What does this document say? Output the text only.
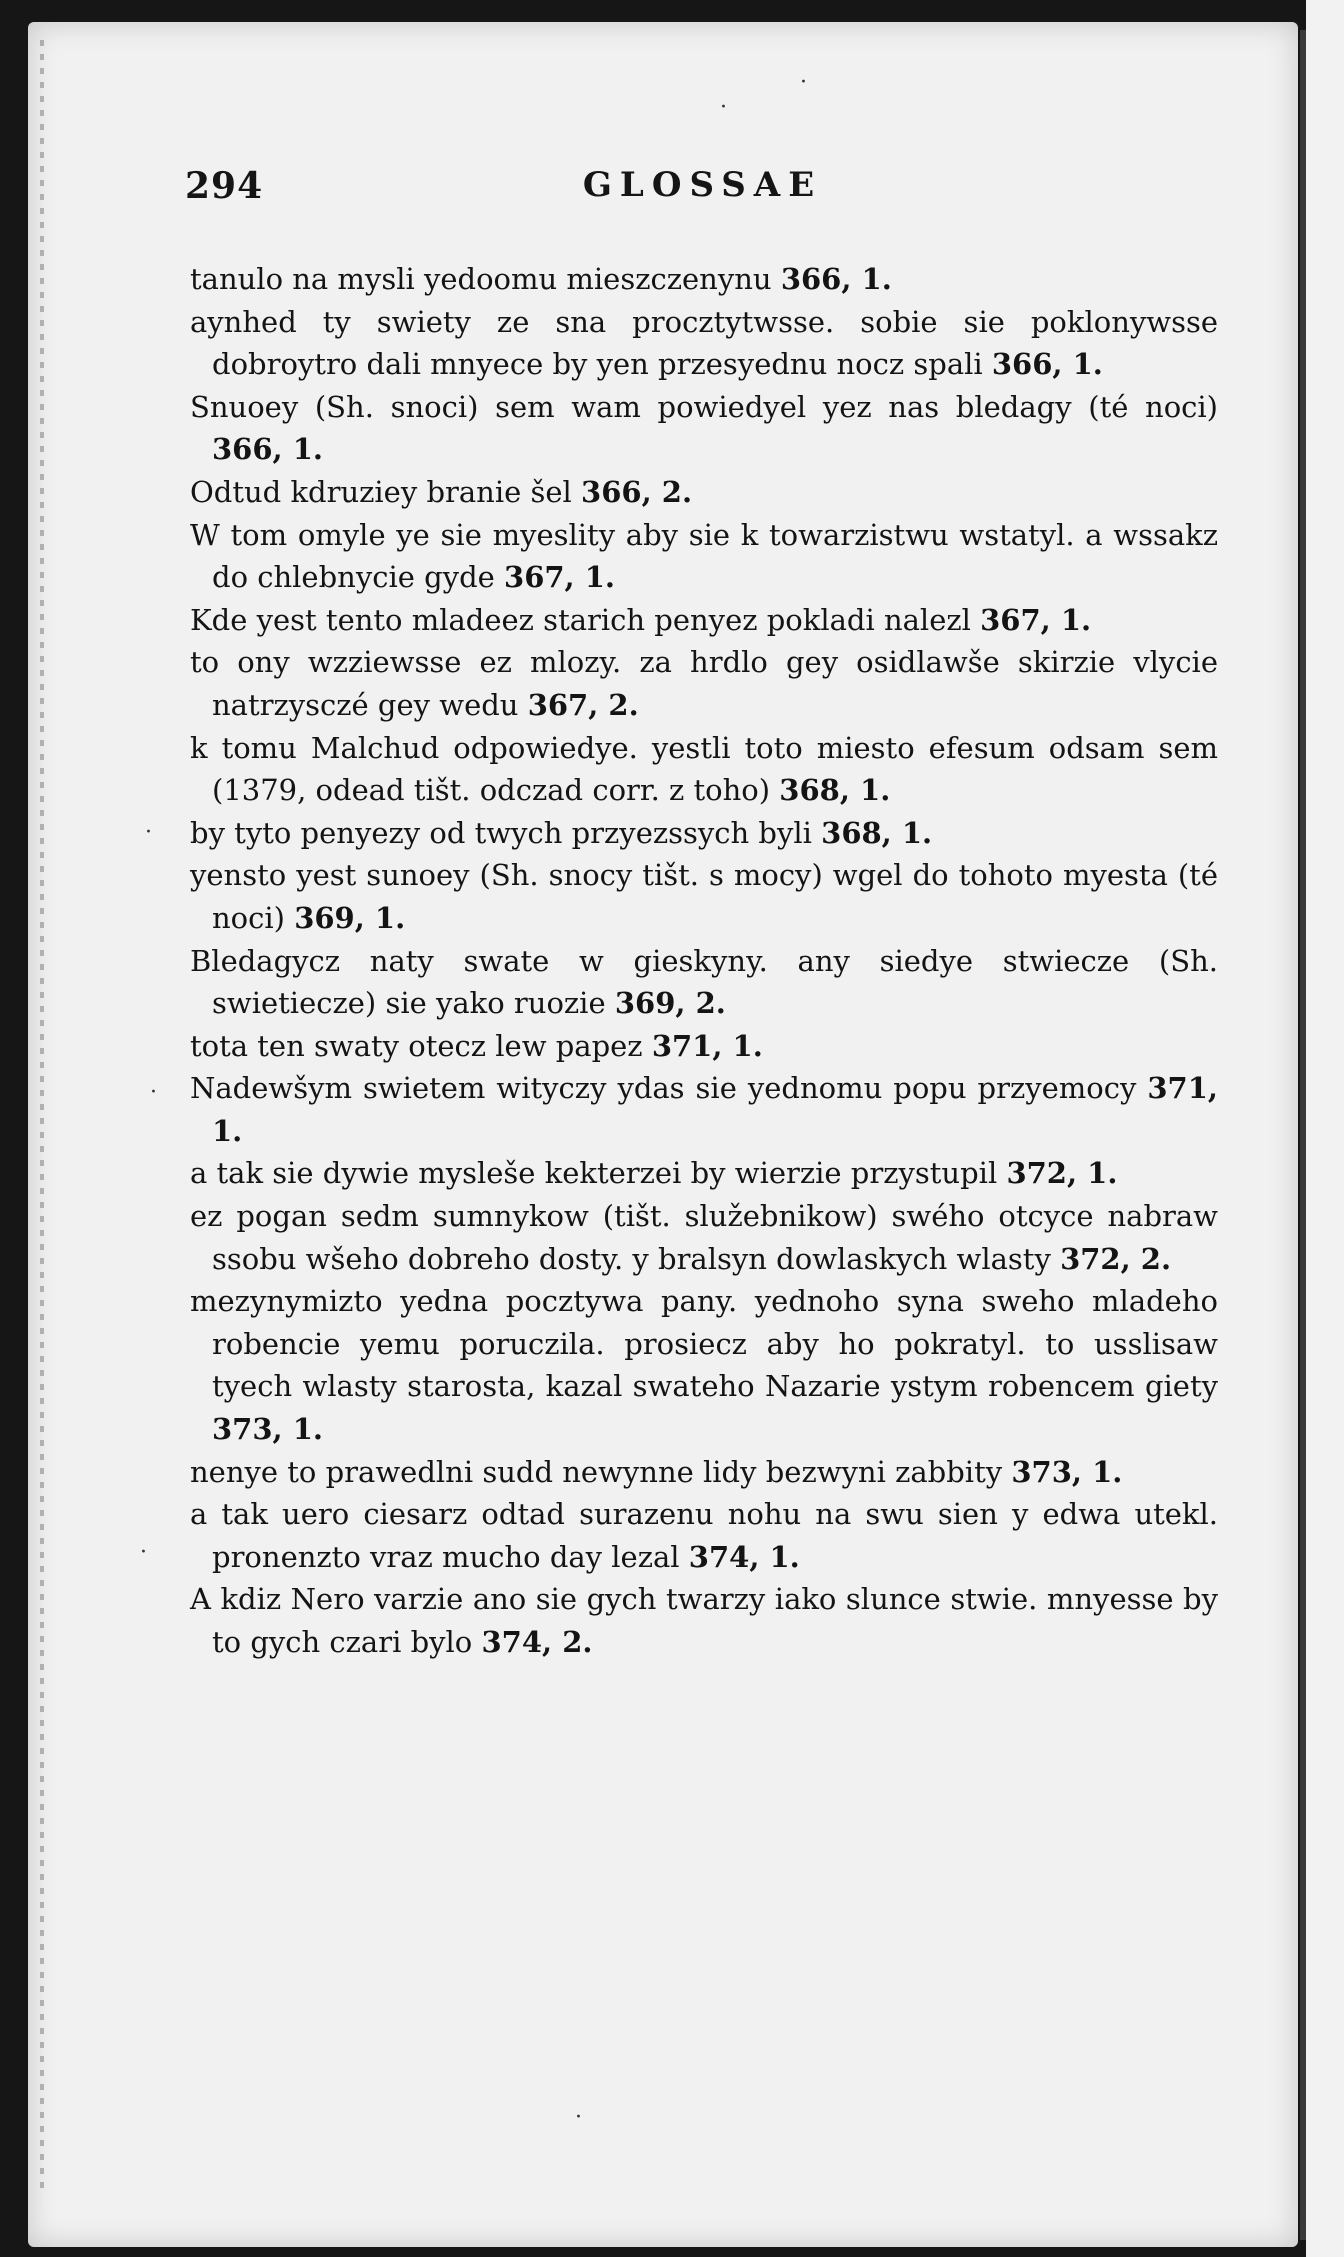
294	GLOSSAE

tanulo na mysli yedoomu mieszczenynu 366, 1.

aynhed ty swiety ze sna procztytwsse. sobie sie poklonywsse dobroytro dali mnyece by yen przesyednu nocz spali 366, 1.

Snuoey (Sh. snoci) sem wam powiedyel yez nas bledagy (té noci) 366, 1.

Odtud kdruziey branie šel 366, 2.

W tom omyle ye sie myeslity aby sie k towarzistwu wstatyl. a wssakz do chlebnycie gyde 367, 1.

Kde yest tento mladeez starich penyez pokladi nalezl 367, 1.

to ony wzziewsse ez mlozy. za hrdlo gey osidlawše skirzie vlycie natrzysczé gey wedu 367, 2.

k tomu Malchud odpowiedye. yestli toto miesto efesum odsam sem (1379, odead tišt. odczad corr. z toho) 368, 1.

by tyto penyezy od twych przyezssych byli 368, 1.

yensto yest sunoey (Sh. snocy tišt. s mocy) wgel do tohoto myesta (té noci) 369, 1.

Bledagycz naty swate w gieskyny. any siedye stwiecze (Sh. swietiecze) sie yako ruozie 369, 2.

tota ten swaty otecz lew papez 371, 1.

Nadewšym swietem wityczy ydas sie yednomu popu przyemocy 371, 1.

a tak sie dywie mysleše kekterzei by wierzie przystupil 372, 1.

ez pogan sedm sumnykow (tišt. služebnikow) swého otcyce nabraw ssobu wšeho dobreho dosty. y bralsyn dowlaskych wlasty 372, 2.

mezynymizto yedna pocztywa pany. yednoho syna sweho mladeho robencie yemu poruczila. prosiecz aby ho pokratyl. to usslisaw tyech wlasty starosta, kazal swateho Nazarie ystym robencem giety 373, 1.

nenye to prawedlni sudd newynne lidy bezwyni zabbity 373, 1.

a tak uero ciesarz odtad surazenu nohu na swu sien y edwa utekl. pronenzto vraz mucho day lezal 374, 1.

A kdiz Nero varzie ano sie gych twarzy iako slunce stwie. mnyesse by to gych czari bylo 374, 2.

·
·
·
·
·
·
